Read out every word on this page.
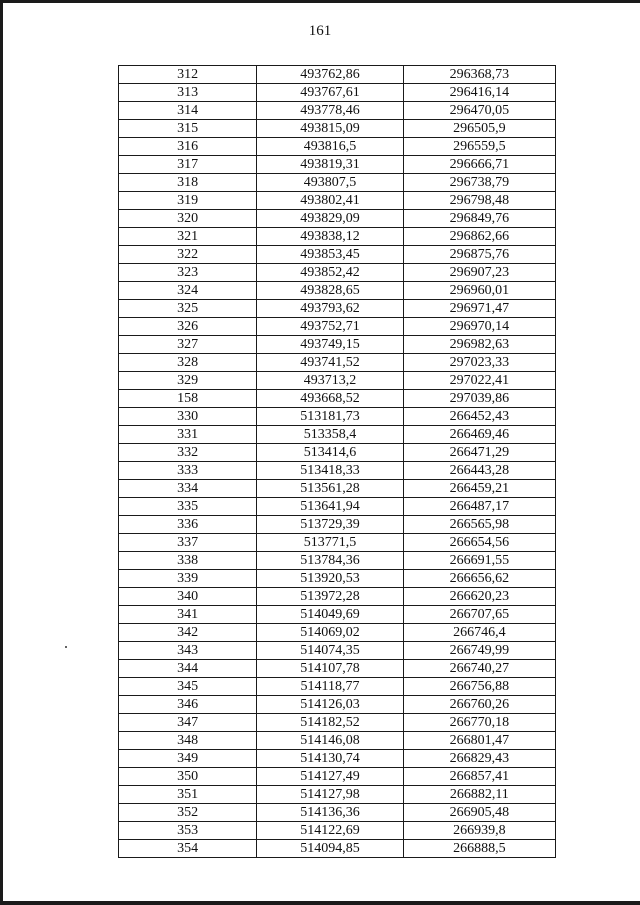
161
312	493762,86	296368,73
313	493767,61	296416,14
314	493778,46	296470,05
315	493815,09	296505,9
316	493816,5	296559,5
317	493819,31	296666,71
318	493807,5	296738,79
319	493802,41	296798,48
320	493829,09	296849,76
321	493838,12	296862,66
322	493853,45	296875,76
323	493852,42	296907,23
324	493828,65	296960,01
325	493793,62	296971,47
326	493752,71	296970,14
327	493749,15	296982,63
328	493741,52	297023,33
329	493713,2	297022,41
158	493668,52	297039,86
330	513181,73	266452,43
331	513358,4	266469,46
332	513414,6	266471,29
333	513418,33	266443,28
334	513561,28	266459,21
335	513641,94	266487,17
336	513729,39	266565,98
337	513771,5	266654,56
338	513784,36	266691,55
339	513920,53	266656,62
340	513972,28	266620,23
341	514049,69	266707,65
342	514069,02	266746,4
343	514074,35	266749,99
344	514107,78	266740,27
345	514118,77	266756,88
346	514126,03	266760,26
347	514182,52	266770,18
348	514146,08	266801,47
349	514130,74	266829,43
350	514127,49	266857,41
351	514127,98	266882,11
352	514136,36	266905,48
353	514122,69	266939,8
354	514094,85	266888,5
